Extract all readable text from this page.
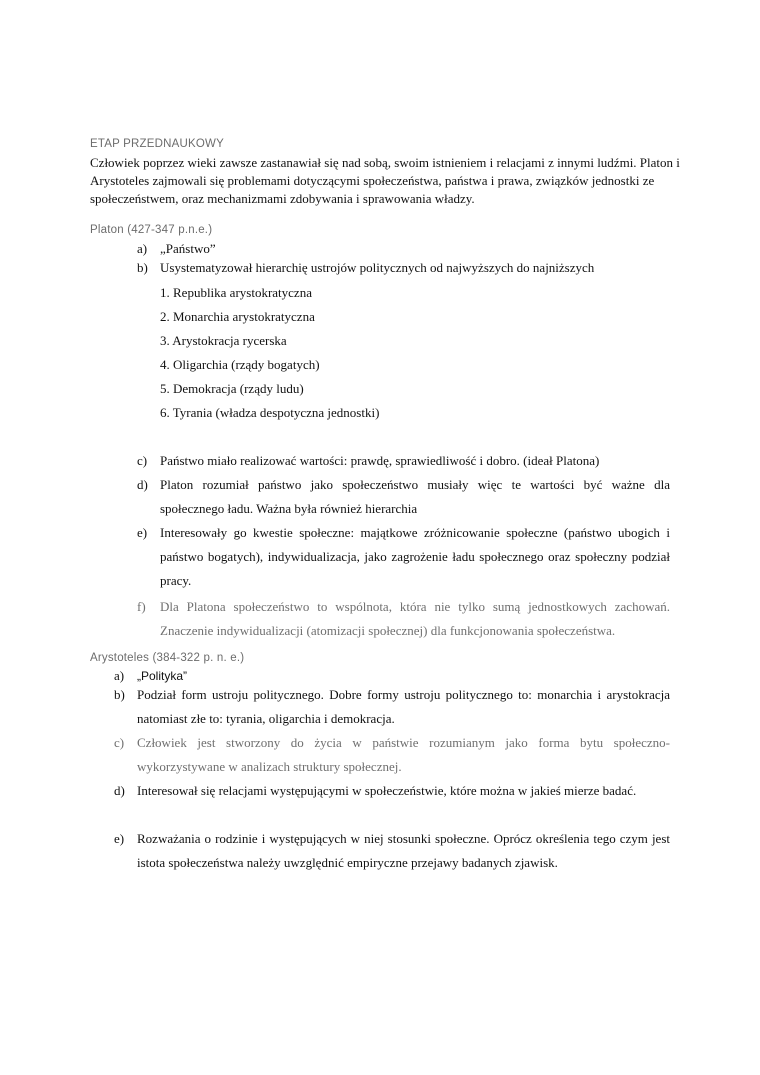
ETAP PRZEDNAUKOWY

Człowiek poprzez wieki zawsze zastanawiał się nad sobą, swoim istnieniem i relacjami z innymi ludźmi. Platon i Arystoteles zajmowali się problemami dotyczącymi społeczeństwa, państwa i prawa, związków jednostki ze społeczeństwem, oraz mechanizmami zdobywania i sprawowania władzy.

Platon (427-347 p.n.e.)
a) „Państwo”
b) Usystematyzował hierarchię ustrojów politycznych od najwyższych do najniższych
1. Republika arystokratyczna
2. Monarchia arystokratyczna
3. Arystokracja rycerska
4. Oligarchia (rządy bogatych)
5. Demokracja (rządy ludu)
6. Tyrania (władza despotyczna jednostki)
c) Państwo miało realizować wartości: prawdę, sprawiedliwość i dobro. (ideał Platona)
d) Platon rozumiał państwo jako społeczeństwo musiały więc te wartości być ważne dla społecznego ładu. Ważna była również hierarchia

e) Interesowały go kwestie społeczne: majątkowe zróżnicowanie społeczne (państwo ubogich i państwo bogatych), indywidualizacja, jako zagrożenie ładu społecznego oraz społeczny podział pracy.

f) Dla Platona społeczeństwo to wspólnota, która nie tylko sumą jednostkowych zachowań. Znaczenie indywidualizacji (atomizacji społecznej) dla funkcjonowania społeczeństwa.

Arystoteles (384-322 p. n. e.)
a) „Polityka”
b) Podział form ustroju politycznego. Dobre formy ustroju politycznego to: monarchia i arystokracja natomiast złe to: tyrania, oligarchia i demokracja.

c) Człowiek jest stworzony do życia w państwie rozumianym jako forma bytu społeczno-wykorzystywane w analizach struktury społecznej.

d) Interesował się relacjami występującymi w społeczeństwie, które można w jakieś mierze badać.

e) Rozważania o rodzinie i występujących w niej stosunki społeczne. Oprócz określenia tego czym jest istota społeczeństwa należy uwzględnić empiryczne przejawy badanych zjawisk.
